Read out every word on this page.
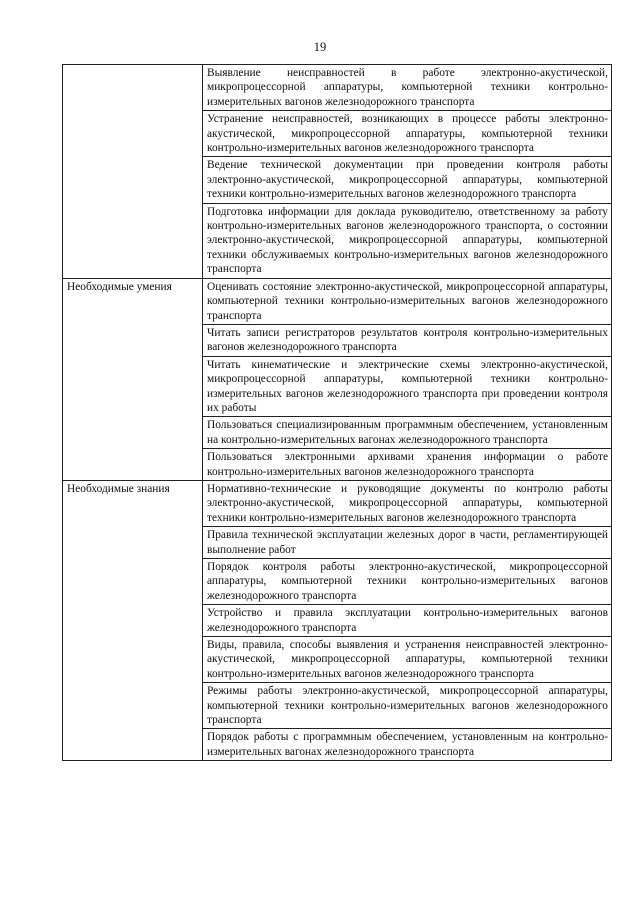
19
	Выявление неисправностей в работе электронно-акустической, микропроцессорной аппаратуры, компьютерной техники контрольно-измерительных вагонов железнодорожного транспорта
	Устранение неисправностей, возникающих в процессе работы электронно-акустической, микропроцессорной аппаратуры, компьютерной техники контрольно-измерительных вагонов железнодорожного транспорта
	Ведение технической документации при проведении контроля работы электронно-акустической, микропроцессорной аппаратуры, компьютерной техники контрольно-измерительных вагонов железнодорожного транспорта
	Подготовка информации для доклада руководителю, ответственному за работу контрольно-измерительных вагонов железнодорожного транспорта, о состоянии электронно-акустической, микропроцессорной аппаратуры, компьютерной техники обслуживаемых контрольно-измерительных вагонов железнодорожного транспорта
Необходимые умения	Оценивать состояние электронно-акустической, микропроцессорной аппаратуры, компьютерной техники контрольно-измерительных вагонов железнодорожного транспорта
	Читать записи регистраторов результатов контроля контрольно-измерительных вагонов железнодорожного транспорта
	Читать кинематические и электрические схемы электронно-акустической, микропроцессорной аппаратуры, компьютерной техники контрольно-измерительных вагонов железнодорожного транспорта при проведении контроля их работы
	Пользоваться специализированным программным обеспечением, установленным на контрольно-измерительных вагонах железнодорожного транспорта
	Пользоваться электронными архивами хранения информации о работе контрольно-измерительных вагонов железнодорожного транспорта
Необходимые знания	Нормативно-технические и руководящие документы по контролю работы электронно-акустической, микропроцессорной аппаратуры, компьютерной техники контрольно-измерительных вагонов железнодорожного транспорта
	Правила технической эксплуатации железных дорог в части, регламентирующей выполнение работ
	Порядок контроля работы электронно-акустической, микропроцессорной аппаратуры, компьютерной техники контрольно-измерительных вагонов железнодорожного транспорта
	Устройство и правила эксплуатации контрольно-измерительных вагонов железнодорожного транспорта
	Виды, правила, способы выявления и устранения неисправностей электронно-акустической, микропроцессорной аппаратуры, компьютерной техники контрольно-измерительных вагонов железнодорожного транспорта
	Режимы работы электронно-акустической, микропроцессорной аппаратуры, компьютерной техники контрольно-измерительных вагонов железнодорожного транспорта
	Порядок работы с программным обеспечением, установленным на контрольно-измерительных вагонах железнодорожного транспорта
